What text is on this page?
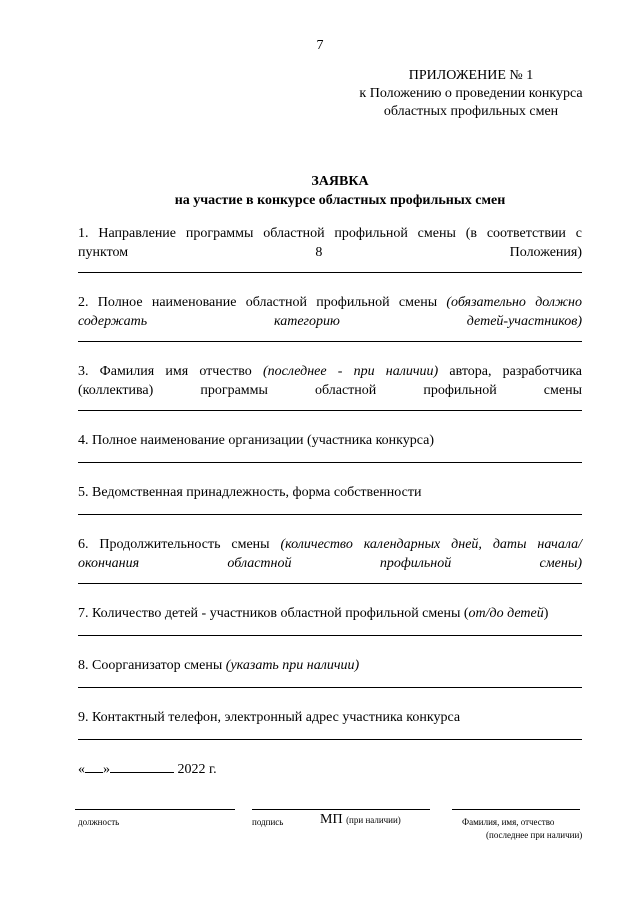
7
ПРИЛОЖЕНИЕ № 1
к Положению о проведении конкурса
областных профильных смен
ЗАЯВКА
на участие в конкурсе областных профильных смен
1. Направление программы областной профильной смены (в соответствии с пунктом 8 Положения)
2. Полное наименование областной профильной смены (обязательно должно содержать категорию детей-участников)
3. Фамилия имя отчество (последнее - при наличии) автора, разработчика (коллектива) программы областной профильной смены
4. Полное наименование организации (участника конкурса)
5. Ведомственная принадлежность, форма собственности
6. Продолжительность смены (количество календарных дней, даты начала/окончания областной профильной смены)
7. Количество детей - участников областной профильной смены (от/до детей)
8. Соорганизатор смены (указать при наличии)
9. Контактный телефон, электронный адрес участника конкурса
« »	2022 г.
должность	подпись	МП (при наличии)	Фамилия, имя, отчество
(последнее при наличии)
